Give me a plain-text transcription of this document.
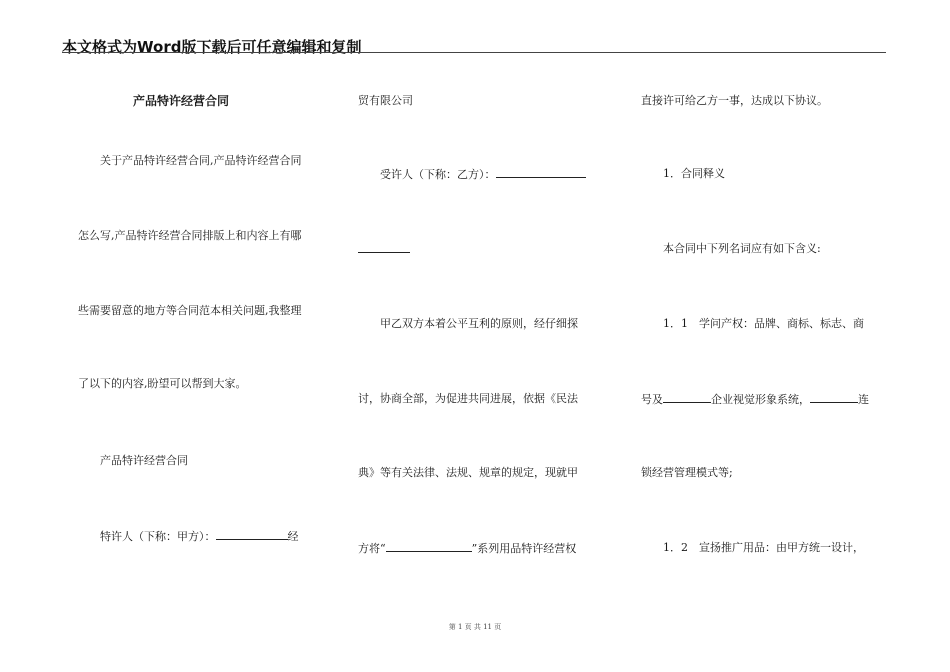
本文格式为Word版下载后可任意编辑和复制
产品特许经营合同
关于产品特许经营合同,产品特许经营合同
怎么写,产品特许经营合同排版上和内容上有哪
些需要留意的地方等合同范本相关问题,我整理
了以下的内容,盼望可以帮到大家。
产品特许经营合同
特许人（下称：甲方）：	经
贸有限公司
受许人（下称：乙方）：
甲乙双方本着公平互利的原则，经仔细探
讨，协商全部，为促进共同进展，依据《民法
典》等有关法律、法规、规章的规定，现就甲
方将“	”系列用品特许经营权
直接许可给乙方一事，达成以下协议。
1．合同释义
本合同中下列名词应有如下含义:
1．1　学问产权：品牌、商标、标志、商
号及	企业视觉形象系统，	连
锁经营管理模式等;
1．2　宣扬推广用品：由甲方统一设计，
第 1 页 共 11 页
